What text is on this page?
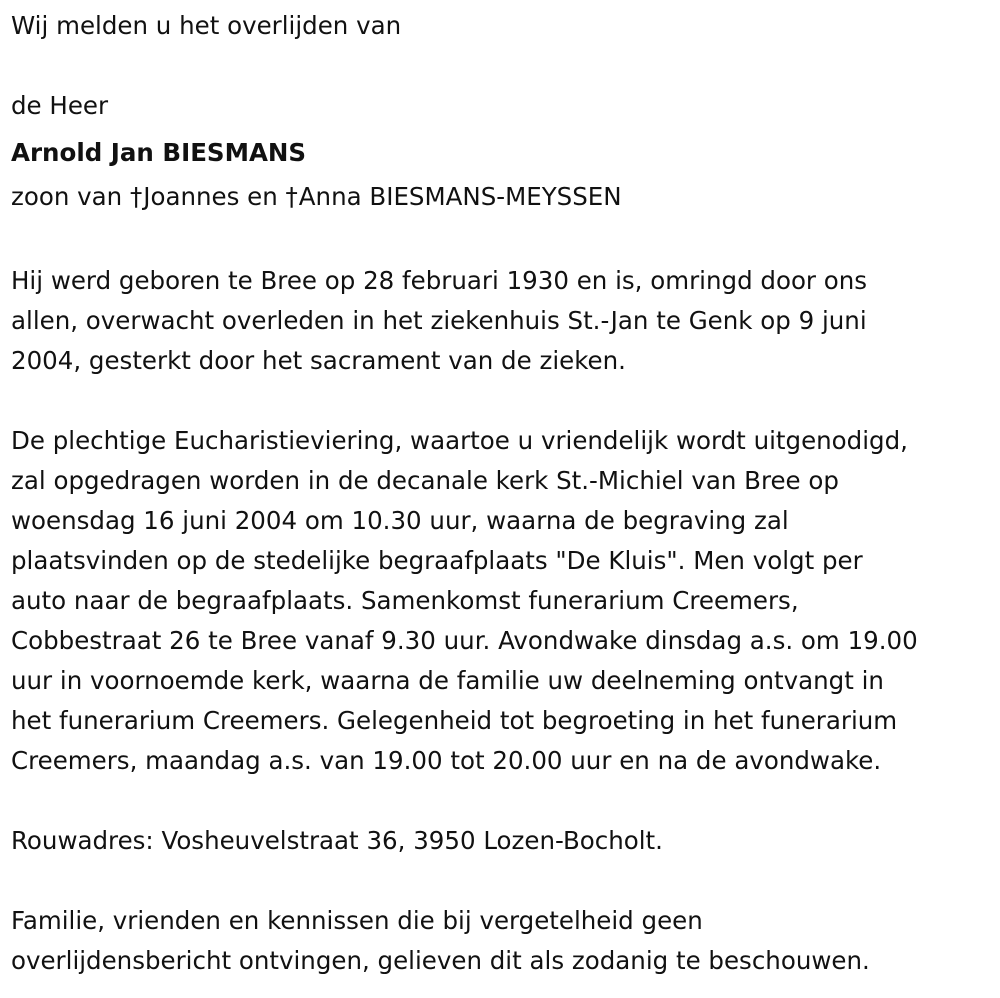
Wij melden u het overlijden van
de Heer
Arnold Jan BIESMANS
zoon van †Joannes en †Anna BIESMANS-MEYSSEN
Hij werd geboren te Bree op 28 februari 1930 en is, omringd door ons
allen, overwacht overleden in het ziekenhuis St.-Jan te Genk op 9 juni
2004, gesterkt door het sacrament van de zieken.
De plechtige Eucharistieviering, waartoe u vriendelijk wordt uitgenodigd,
zal opgedragen worden in de decanale kerk St.-Michiel van Bree op
woensdag 16 juni 2004 om 10.30 uur, waarna de begraving zal
plaatsvinden op de stedelijke begraafplaats "De Kluis". Men volgt per
auto naar de begraafplaats. Samenkomst funerarium Creemers,
Cobbestraat 26 te Bree vanaf 9.30 uur. Avondwake dinsdag a.s. om 19.00
uur in voornoemde kerk, waarna de familie uw deelneming ontvangt in
het funerarium Creemers. Gelegenheid tot begroeting in het funerarium
Creemers, maandag a.s. van 19.00 tot 20.00 uur en na de avondwake.
Rouwadres: Vosheuvelstraat 36, 3950 Lozen-Bocholt.
Familie, vrienden en kennissen die bij vergetelheid geen
overlijdensbericht ontvingen, gelieven dit als zodanig te beschouwen.
